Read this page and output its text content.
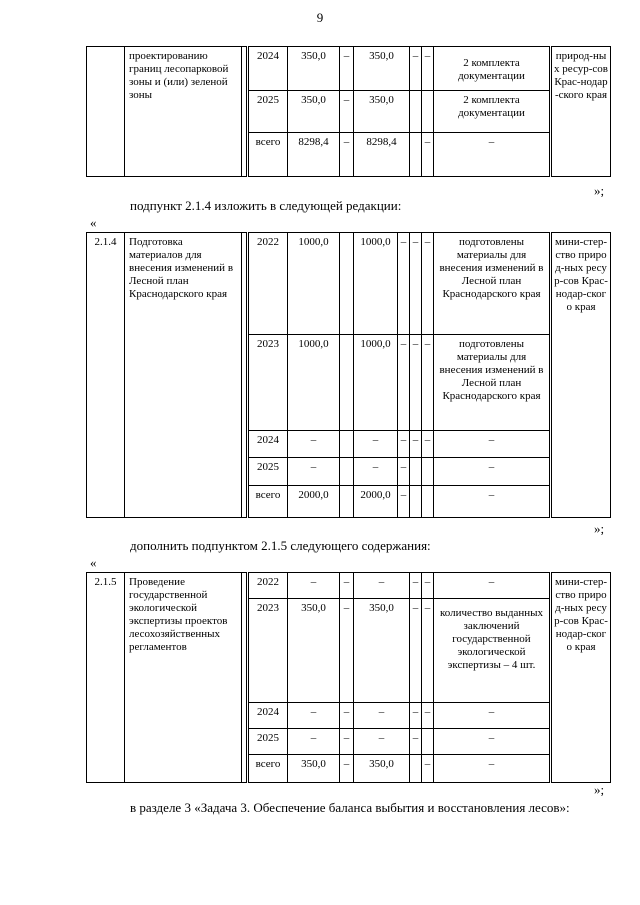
9
	проектированию границ лесопарковой зоны и (или) зеленой зоны		2024	350,0	–	350,0	–	–	2 комплекта документации	природ-ных ресур-сов Крас-нодар-ского края
			2025	350,0	–	350,0			2 комплекта документации	
			всего	8298,4	–	8298,4		–	–	
»;
подпункт 2.1.4 изложить в следующей редакции:
«
2.1.4	Подготовка материалов для внесения изменений в Лесной план Краснодарского края		2022	1000,0		1000,0	–	–	–	подготовлены материалы для внесения изменений в Лесной план Краснодарского края	мини-стер-ство природ-ных ресур-сов Крас-нодар-ского края
			2023	1000,0		1000,0	–	–	–	подготовлены материалы для внесения изменений в Лесной план Краснодарского края	
			2024	–		–	–	–	–	–	
			2025	–		–	–			–	
			всего	2000,0		2000,0	–			–	
»;
дополнить подпунктом 2.1.5 следующего содержания:
«
2.1.5	Проведение государственной экологической экспертизы проектов лесохозяйственных регламентов		2022	–	–	–	–	–	–	мини-стер-ство природ-ных ресур-сов Крас-нодар-ского края
			2023	350,0	–	350,0	–	–	количество выданных заключений государственной экологической экспертизы – 4 шт.	
			2024	–	–	–	–	–	–	
			2025	–	–	–	–		–	
			всего	350,0	–	350,0		–	–	
»;
в разделе 3 «Задача 3. Обеспечение баланса выбытия и восстановления лесов»:
